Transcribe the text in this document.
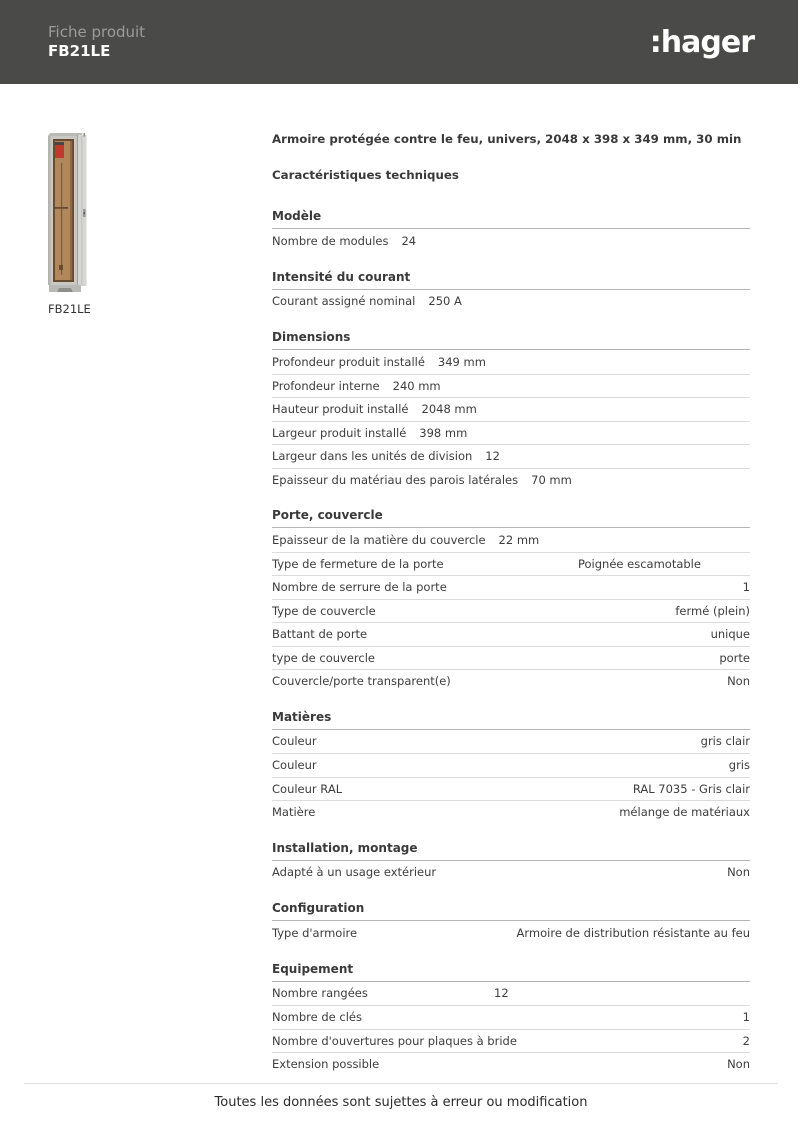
Fiche produit
FB21LE	:hager
FB21LE
Armoire protégée contre le feu, univers, 2048 x 398 x 349 mm, 30 min
Caractéristiques techniques
Modèle
Nombre de modules 24
Intensité du courant
Courant assigné nominal 250 A
Dimensions
Profondeur produit installé 349 mm
Profondeur interne 240 mm
Hauteur produit installé 2048 mm
Largeur produit installé 398 mm
Largeur dans les unités de division 12
Epaisseur du matériau des parois latérales 70 mm
Porte, couvercle
Epaisseur de la matière du couvercle 22 mm
Type de fermeture de la porte	Poignée escamotable
Nombre de serrure de la porte	1
Type de couvercle	fermé (plein)
Battant de porte	unique
type de couvercle	porte
Couvercle/porte transparent(e)	Non
Matières
Couleur	gris clair
Couleur	gris
Couleur RAL	RAL 7035 - Gris clair
Matière	mélange de matériaux
Installation, montage
Adapté à un usage extérieur	Non
Configuration
Type d'armoire	Armoire de distribution résistante au feu
Equipement
Nombre rangées	12
Nombre de clés	1
Nombre d'ouvertures pour plaques à bride	2
Extension possible	Non
Toutes les données sont sujettes à erreur ou modification
